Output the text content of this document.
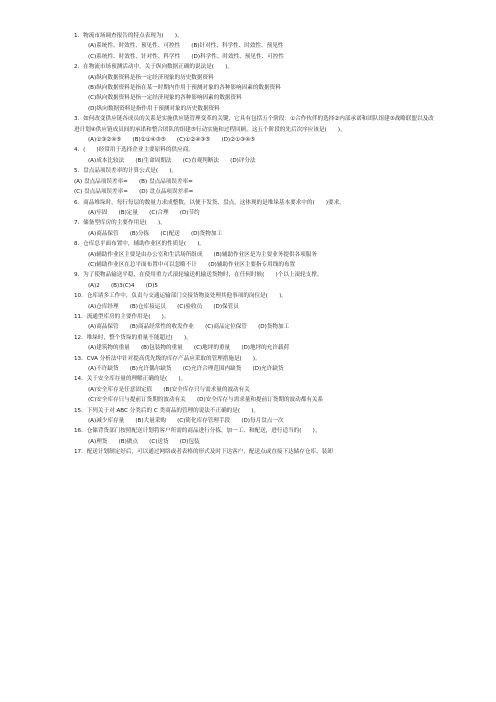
1．物流市场调查报告的特点表现为(　　)。
(A)系统性、时效性、预见性、可控性　　(B)针对性、科学性、时效性、预见性
(C)系统性、时效性、针对性、科学性　　(D)科学性、时效性、预见性、可控性
2．在物流市场预测活动中，关于纵向数据正确的说法是(　　)。
(A)纵向数据资料是指一定经济现象的历史数据资料
(B)纵向数据资料是指在某一时期内作用于预测对象的各种影响因素的数据资料
(C)纵向数据资料是指一定经济现象的各种影响因素的数据资料
(D)纵向数据资料是指作用于预测对象的历史数据资料
3．如何改变供应链各成员的关系是实施供应链管理变革的关键，它具有包括五个阶段：①合作伙伴的选择②内部承诺和团队组建③战略联盟以及改进计划④供应链成员间的承诺和整合团队的组建⑤行动实施和过程回顾。这五个阶段的先后次序应该是(　　)。
(A)①③②④⑤　　(B)②①④③⑤　　(C)①②④③⑤　　(D)②①③④⑤
4．(　　)经常用于选择企业主要原料的供应商。
(A)成本比较法　　(B)生命周期法　　(C)直观判断法　　(D)评分法
5．盘点品项误差率的计算公式是(　　)。
(A) 盘点品项误差率=　　(B) 盘点品项误差率=
(C) 盘点品项误差率=　　(D) 盘点品项误差率=
6．商品堆垛时，每行每层的数量力求成整数，以便于发货、盘点。这体现的是堆垛基本要求中的(　　)要求。
(A)牢固　　(B)定量　　(C)合理　　(D)节约
7．储备型库房的主要作用是(　　)。
(A)商品保管　　(B)分拣　　(C)配送　　(D)货物加工
8．仓库总平面布置中，辅助作业区的性质是(　　)。
(A)辅助作业区主要是由办公室和生活场所组成　　(B)辅助作业区是为主要业务提供各项服务
(C)辅助作业区在总平面布置中可以忽略不计　　(D)辅助作业区主要指专用线的布置
9．为了使物品输送平稳，在使用重力式滚轮输送机输送货物时，在任何时候(　　)个以上滚轮支撑。
(A)2　　(B)3(C)4　　(D)5
10．仓库诸多工作中，负责与交通运输部门交接货物及处理其他事项的岗位是(　　)。
(A)仓库经理　　(B)仓库接运员　　(C)验收员　　(D)保管员
11．流通型库房的主要作用是(　　)。
(A)商品保管　　(B)商品经常性的收发作业　　(C)商品定位保管　　(D)货物加工
12．堆垛时，整个货垛的重量不能超过(　　)。
(A)建筑物的重量　　(B)包装物的重量　　(C)地坪的重量　　(D)地坪的允许载荷
13．CVA 分析法中针对提高优先级的库存产品应采取的管理措施是(　　)。
(A)不许缺货　　(B)允许偶尔缺货　　(C)允许合理范围内缺货　　(D)允许缺货
14．关于安全库存量的理解正确的是(　　)。
(A)安全库存是任意固定值　　(B)安全库存只与需求量的波动有关
(C)安全库存只与提前订货期的波动有关　　(D)安全库存与需求量和提前订货期的波动都有关系
15．下列关于对 ABC 分类后的 C 类商品的管理的说法不正确的是(　　)。
(A)减少库存量　　(B)大量采购　　(C)简化库存管理手段　　(D)每月盘点一次
16．仓储背货部门按照配送计划将客户所需的商品进行分拣，加一工、和配送，进行适当的(　　)。
(A)理货　　(B)做点　　(C)送货　　(D)包装
17．配送计划制定好后，可以通过网络或者表格的形式及时下达客户，配送点或直接下达储存仓库、装卸
